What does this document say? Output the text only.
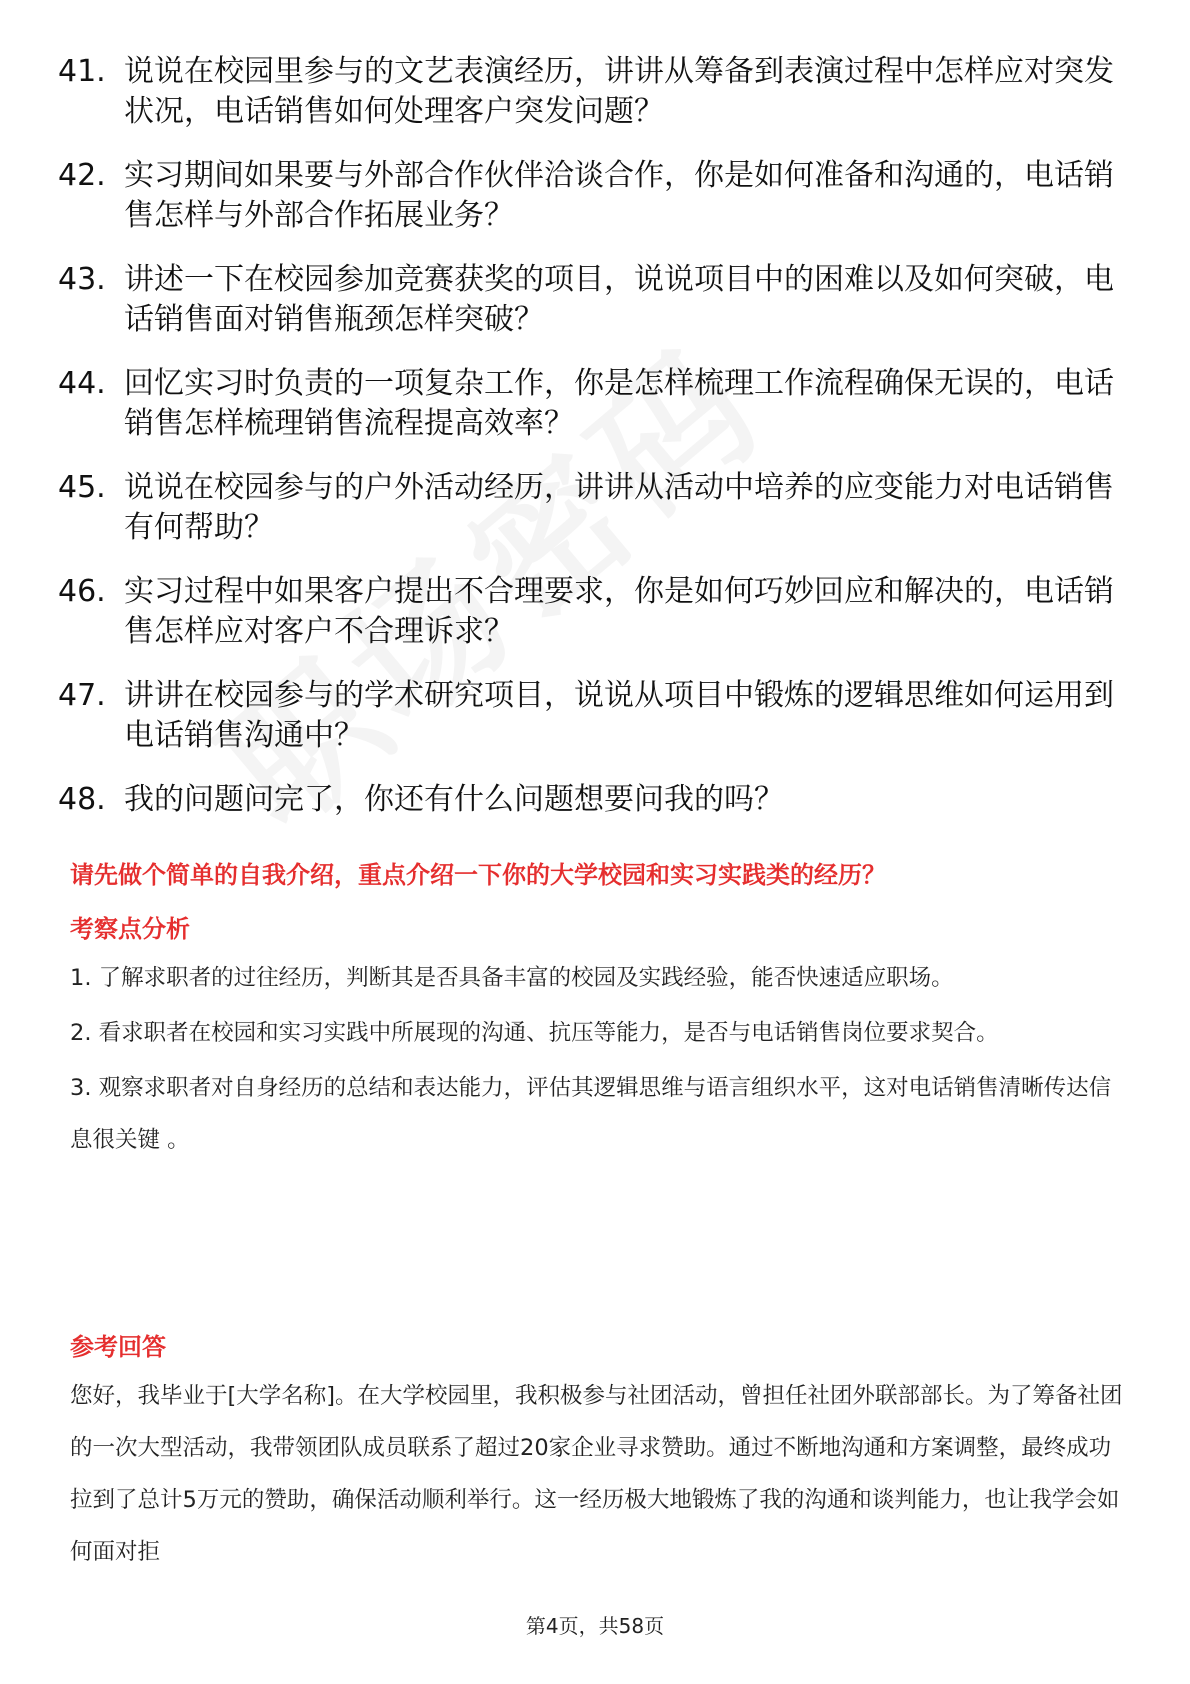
41. 说说在校园里参与的文艺表演经历，讲讲从筹备到表演过程中怎样应对突发状况，电话销售如何处理客户突发问题？
42. 实习期间如果要与外部合作伙伴洽谈合作，你是如何准备和沟通的，电话销售怎样与外部合作拓展业务？
43. 讲述一下在校园参加竞赛获奖的项目，说说项目中的困难以及如何突破，电话销售面对销售瓶颈怎样突破？
44. 回忆实习时负责的一项复杂工作，你是怎样梳理工作流程确保无误的，电话销售怎样梳理销售流程提高效率？
45. 说说在校园参与的户外活动经历，讲讲从活动中培养的应变能力对电话销售有何帮助？
46. 实习过程中如果客户提出不合理要求，你是如何巧妙回应和解决的，电话销售怎样应对客户不合理诉求？
47. 讲讲在校园参与的学术研究项目，说说从项目中锻炼的逻辑思维如何运用到电话销售沟通中？
48. 我的问题问完了，你还有什么问题想要问我的吗？
请先做个简单的自我介绍，重点介绍一下你的大学校园和实习实践类的经历？
考察点分析
1. 了解求职者的过往经历，判断其是否具备丰富的校园及实践经验，能否快速适应职场。
2. 看求职者在校园和实习实践中所展现的沟通、抗压等能力，是否与电话销售岗位要求契合。
3. 观察求职者对自身经历的总结和表达能力，评估其逻辑思维与语言组织水平，这对电话销售清晰传达信息很关键 。
参考回答
您好，我毕业于[大学名称]。在大学校园里，我积极参与社团活动，曾担任社团外联部部长。为了筹备社团的一次大型活动，我带领团队成员联系了超过20家企业寻求赞助。通过不断地沟通和方案调整，最终成功拉到了总计5万元的赞助，确保活动顺利举行。这一经历极大地锻炼了我的沟通和谈判能力，也让我学会如何面对拒
第4页，共58页
